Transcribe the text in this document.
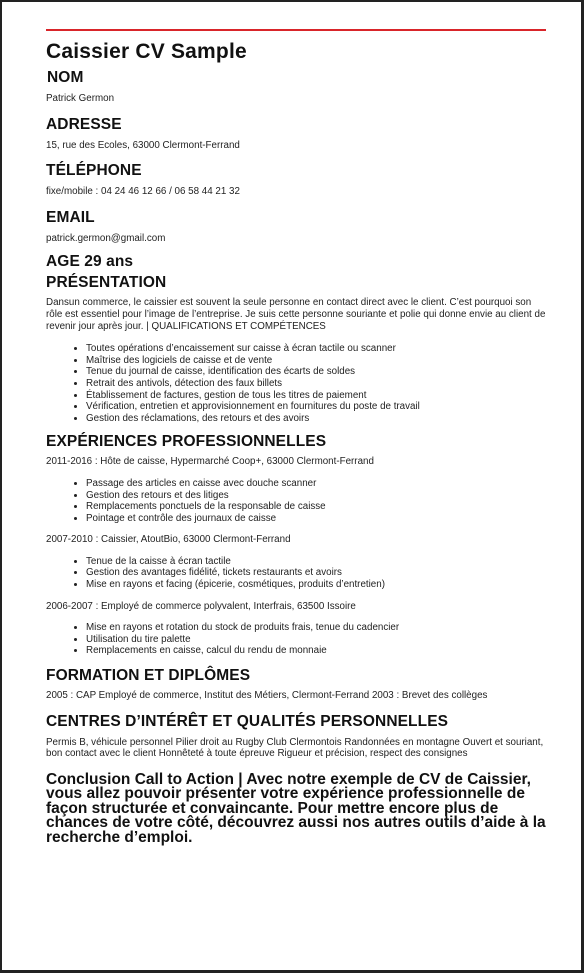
Caissier CV Sample
NOM

Patrick Germon

ADRESSE

15, rue des Ecoles, 63000 Clermont-Ferrand

TÉLÉPHONE

fixe/mobile : 04 24 46 12 66 / 06 58 44 21 32

EMAIL

patrick.germon@gmail.com

AGE 29 ans
PRÉSENTATION

Dansun commerce, le caissier est souvent la seule personne en contact direct avec le client. C’est pourquoi son rôle est essentiel pour l’image de l’entreprise. Je suis cette personne souriante et polie qui donne envie au client de revenir jour après jour. | QUALIFICATIONS ET COMPÉTENCES

• Toutes opérations d’encaissement sur caisse à écran tactile ou scanner
• Maîtrise des logiciels de caisse et de vente
• Tenue du journal de caisse, identification des écarts de soldes
• Retrait des antivols, détection des faux billets
• Établissement de factures, gestion de tous les titres de paiement
• Vérification, entretien et approvisionnement en fournitures du poste de travail
• Gestion des réclamations, des retours et des avoirs
EXPÉRIENCES PROFESSIONNELLES

2011-2016 : Hôte de caisse, Hypermarché Coop+, 63000 Clermont-Ferrand

• Passage des articles en caisse avec douche scanner
• Gestion des retours et des litiges
• Remplacements ponctuels de la responsable de caisse
• Pointage et contrôle des journaux de caisse

2007-2010 : Caissier, AtoutBio, 63000 Clermont-Ferrand

• Tenue de la caisse à écran tactile
• Gestion des avantages fidélité, tickets restaurants et avoirs
• Mise en rayons et facing (épicerie, cosmétiques, produits d’entretien)

2006-2007 : Employé de commerce polyvalent, Interfrais, 63500 Issoire

• Mise en rayons et rotation du stock de produits frais, tenue du cadencier
• Utilisation du tire palette
• Remplacements en caisse, calcul du rendu de monnaie
FORMATION ET DIPLÔMES

2005 : CAP Employé de commerce, Institut des Métiers, Clermont-Ferrand 2003 : Brevet des collèges

CENTRES D’INTÉRÊT ET QUALITÉS PERSONNELLES

Permis B, véhicule personnel Pilier droit au Rugby Club Clermontois Randonnées en montagne Ouvert et souriant, bon contact avec le client Honnêteté à toute épreuve Rigueur et précision, respect des consignes

Conclusion Call to Action | Avec notre exemple de CV de Caissier, vous allez pouvoir présenter votre expérience professionnelle de façon structurée et convaincante. Pour mettre encore plus de chances de votre côté, découvrez aussi nos autres outils d’aide à la recherche d’emploi.
